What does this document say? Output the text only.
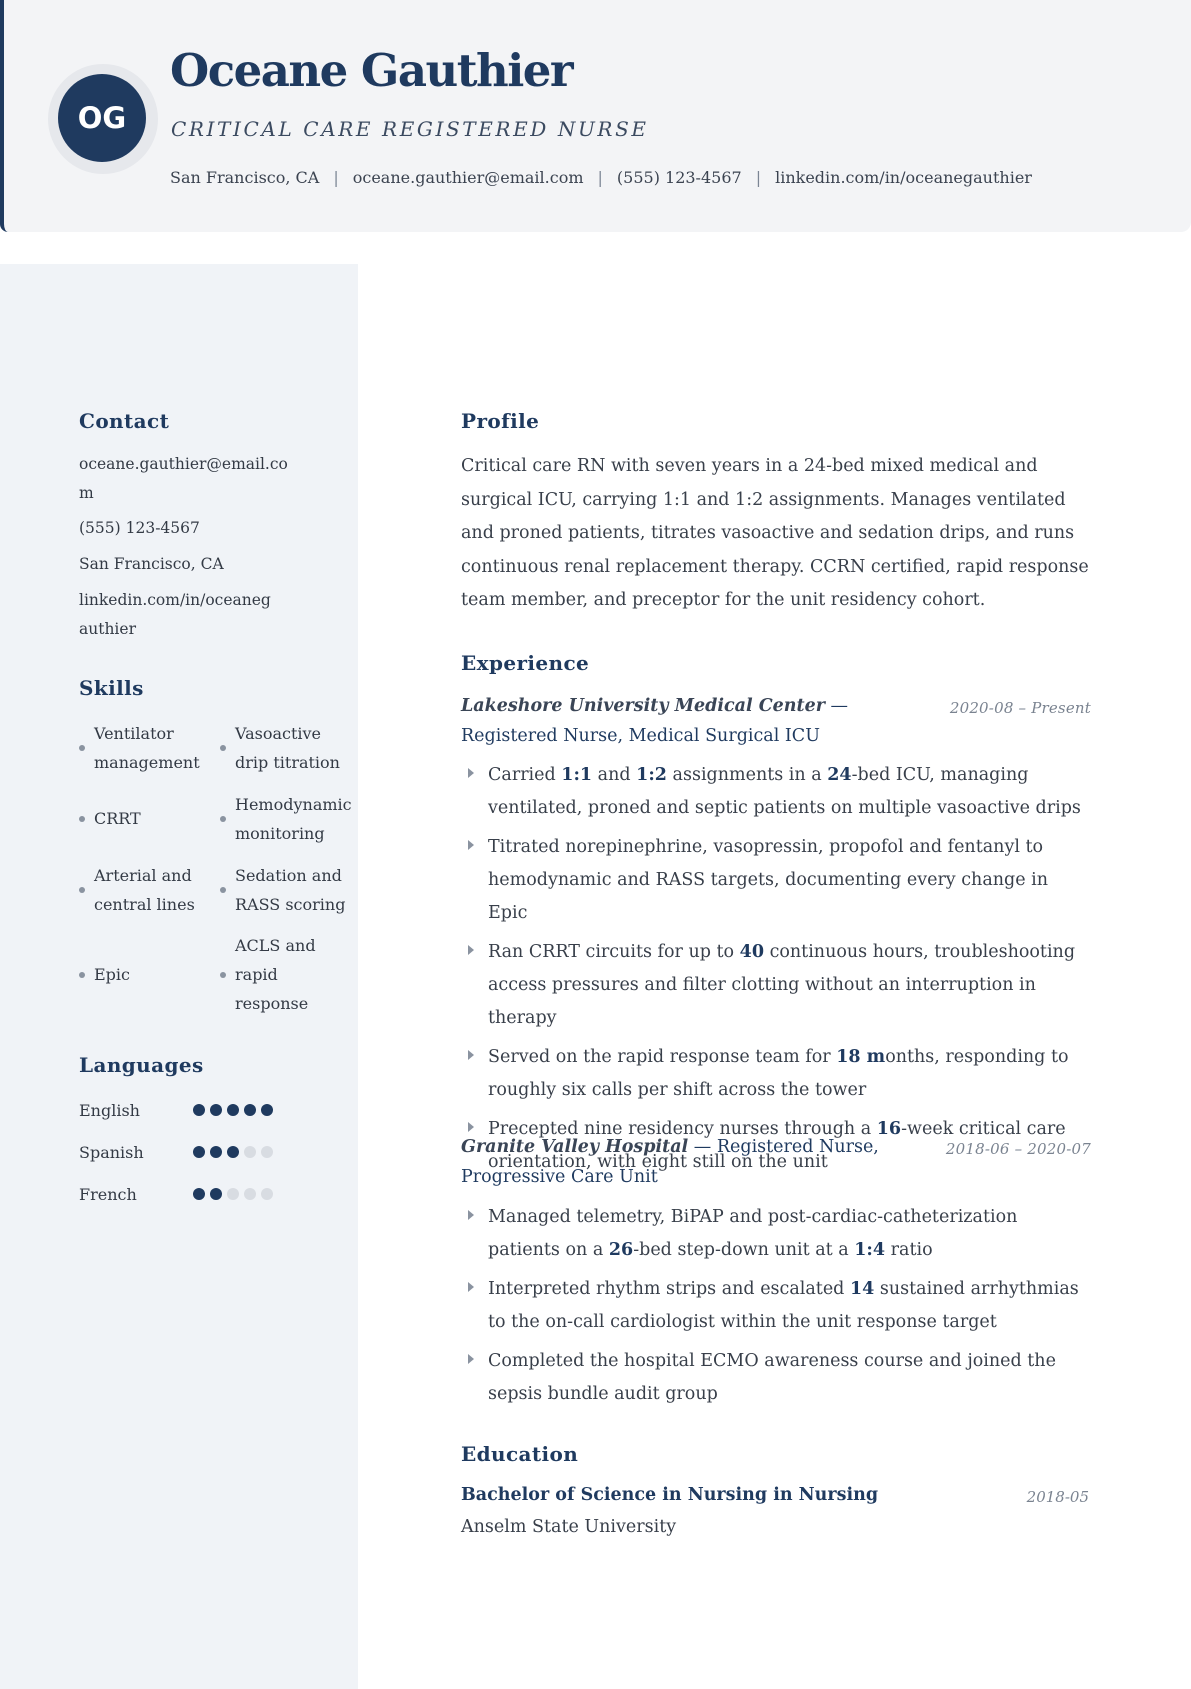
OG
Oceane Gauthier
CRITICAL CARE REGISTERED NURSE
San Francisco, CA | oceane.gauthier@email.com | (555) 123-4567 | linkedin.com/in/oceanegauthier
Contact
oceane.gauthier@email.com
(555) 123-4567
San Francisco, CA
linkedin.com/in/oceanegauthier
Skills
Ventilator management
Vasoactive drip titration
CRRT
Hemodynamic monitoring
Arterial and central lines
Sedation and RASS scoring
Epic
ACLS and rapid response
Languages
English
Spanish
French
Profile
Critical care RN with seven years in a 24-bed mixed medical and surgical ICU, carrying 1:1 and 1:2 assignments. Manages ventilated and proned patients, titrates vasoactive and sedation drips, and runs continuous renal replacement therapy. CCRN certified, rapid response team member, and preceptor for the unit residency cohort.
Experience
Lakeshore University Medical Center — Registered Nurse, Medical Surgical ICU
2020-08 – Present
Carried 1:1 and 1:2 assignments in a 24-bed ICU, managing ventilated, proned and septic patients on multiple vasoactive drips
Titrated norepinephrine, vasopressin, propofol and fentanyl to hemodynamic and RASS targets, documenting every change in Epic
Ran CRRT circuits for up to 40 continuous hours, troubleshooting access pressures and filter clotting without an interruption in therapy
Served on the rapid response team for 18 months, responding to roughly six calls per shift across the tower
Precepted nine residency nurses through a 16-week critical care orientation, with eight still on the unit
Granite Valley Hospital — Registered Nurse, Progressive Care Unit
2018-06 – 2020-07
Managed telemetry, BiPAP and post-cardiac-catheterization patients on a 26-bed step-down unit at a 1:4 ratio
Interpreted rhythm strips and escalated 14 sustained arrhythmias to the on-call cardiologist within the unit response target
Completed the hospital ECMO awareness course and joined the sepsis bundle audit group
Education
Bachelor of Science in Nursing in Nursing	2018-05
Anselm State University
